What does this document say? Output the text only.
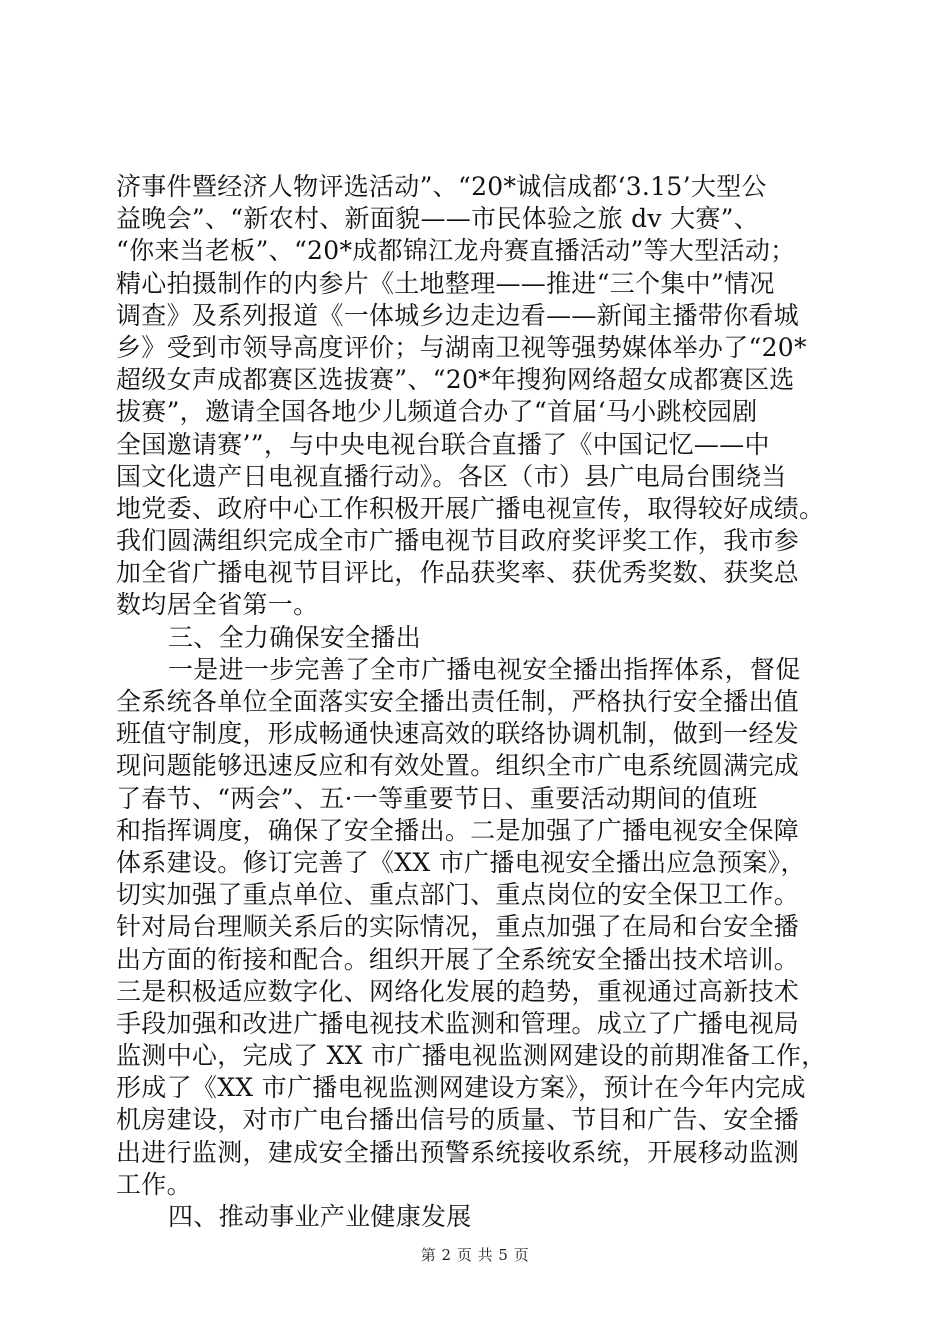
济事件暨经济人物评选活动”、“20*诚信成都‘3.15’大型公
益晚会”、“新农村、新面貌——市民体验之旅 dv 大赛”、
“你来当老板”、“20*成都锦江龙舟赛直播活动”等大型活动；
精心拍摄制作的内参片《土地整理——推进“三个集中”情况
调查》及系列报道《一体城乡边走边看——新闻主播带你看城
乡》受到市领导高度评价；与湖南卫视等强势媒体举办了“20*
超级女声成都赛区选拔赛”、“20*年搜狗网络超女成都赛区选
拔赛”，邀请全国各地少儿频道合办了“首届‘马小跳校园剧
全国邀请赛’”，与中央电视台联合直播了《中国记忆——中
国文化遗产日电视直播行动》。各区（市）县广电局台围绕当
地党委、政府中心工作积极开展广播电视宣传，取得较好成绩。
我们圆满组织完成全市广播电视节目政府奖评奖工作，我市参
加全省广播电视节目评比，作品获奖率、获优秀奖数、获奖总
数均居全省第一。
三、全力确保安全播出
一是进一步完善了全市广播电视安全播出指挥体系，督促
全系统各单位全面落实安全播出责任制，严格执行安全播出值
班值守制度，形成畅通快速高效的联络协调机制，做到一经发
现问题能够迅速反应和有效处置。组织全市广电系统圆满完成
了春节、“两会”、五·一等重要节日、重要活动期间的值班
和指挥调度，确保了安全播出。二是加强了广播电视安全保障
体系建设。修订完善了《XX 市广播电视安全播出应急预案》，
切实加强了重点单位、重点部门、重点岗位的安全保卫工作。
针对局台理顺关系后的实际情况，重点加强了在局和台安全播
出方面的衔接和配合。组织开展了全系统安全播出技术培训。
三是积极适应数字化、网络化发展的趋势，重视通过高新技术
手段加强和改进广播电视技术监测和管理。成立了广播电视局
监测中心，完成了 XX 市广播电视监测网建设的前期准备工作，
形成了《XX 市广播电视监测网建设方案》，预计在今年内完成
机房建设，对市广电台播出信号的质量、节目和广告、安全播
出进行监测，建成安全播出预警系统接收系统，开展移动监测
工作。
四、推动事业产业健康发展
第 2 页 共 5 页
